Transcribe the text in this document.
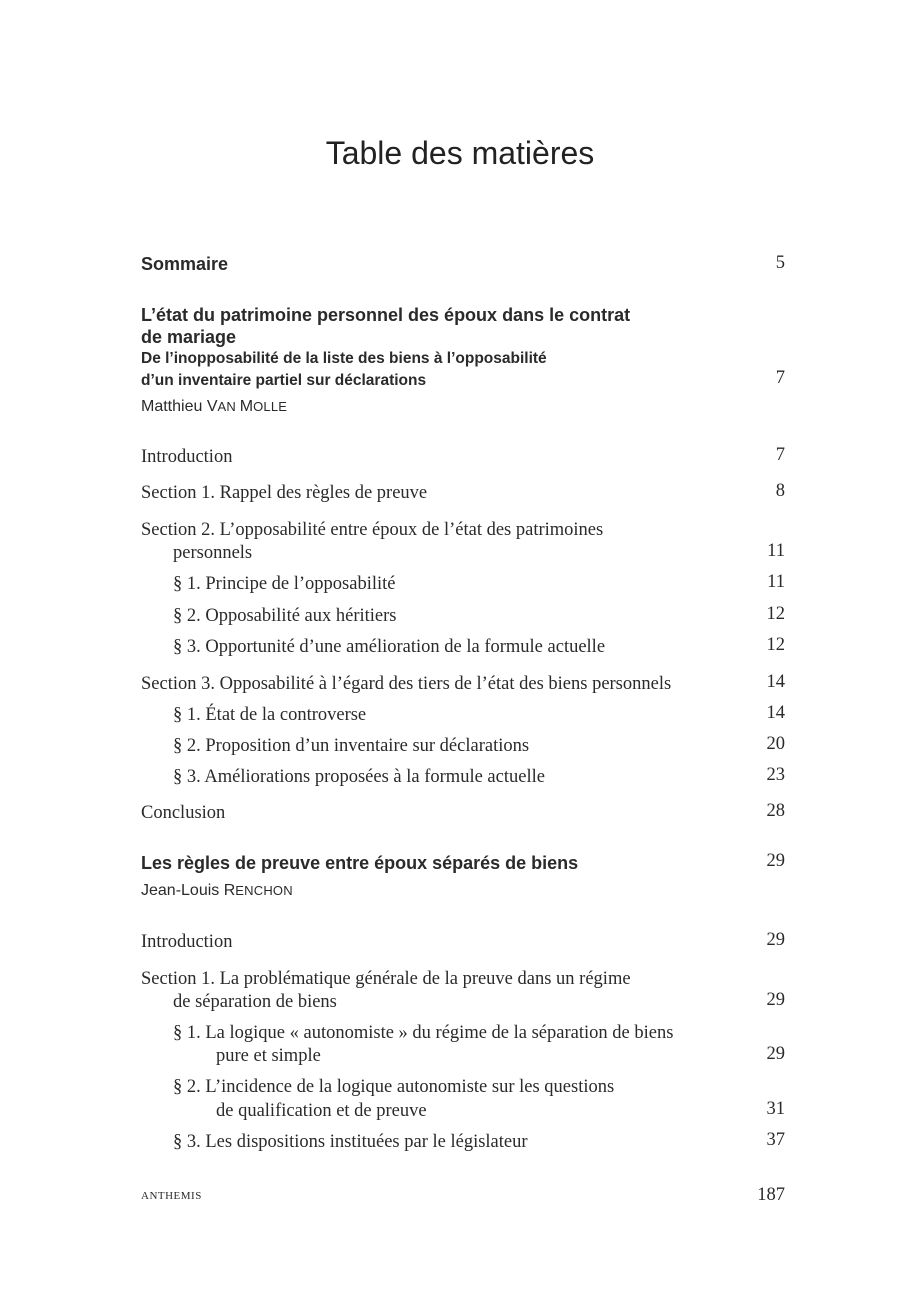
Table des matières
Sommaire	5
L’état du patrimoine personnel des époux dans le contrat
de mariage
De l’inopposabilité de la liste des biens à l’opposabilité
d’un inventaire partiel sur déclarations	7
Matthieu VAN MOLLE
Introduction	7
Section 1. Rappel des règles de preuve	8
Section 2. L’opposabilité entre époux de l’état des patrimoines
personnels	11
§ 1. Principe de l’opposabilité	11
§ 2. Opposabilité aux héritiers	12
§ 3. Opportunité d’une amélioration de la formule actuelle	12
Section 3. Opposabilité à l’égard des tiers de l’état des biens personnels	14
§ 1. État de la controverse	14
§ 2. Proposition d’un inventaire sur déclarations	20
§ 3. Améliorations proposées à la formule actuelle	23
Conclusion	28
Les règles de preuve entre époux séparés de biens	29
Jean-Louis RENCHON
Introduction	29
Section 1. La problématique générale de la preuve dans un régime
de séparation de biens	29
§ 1. La logique « autonomiste » du régime de la séparation de biens
pure et simple	29
§ 2. L’incidence de la logique autonomiste sur les questions
de qualification et de preuve	31
§ 3. Les dispositions instituées par le législateur	37
ANTHEMIS	187
